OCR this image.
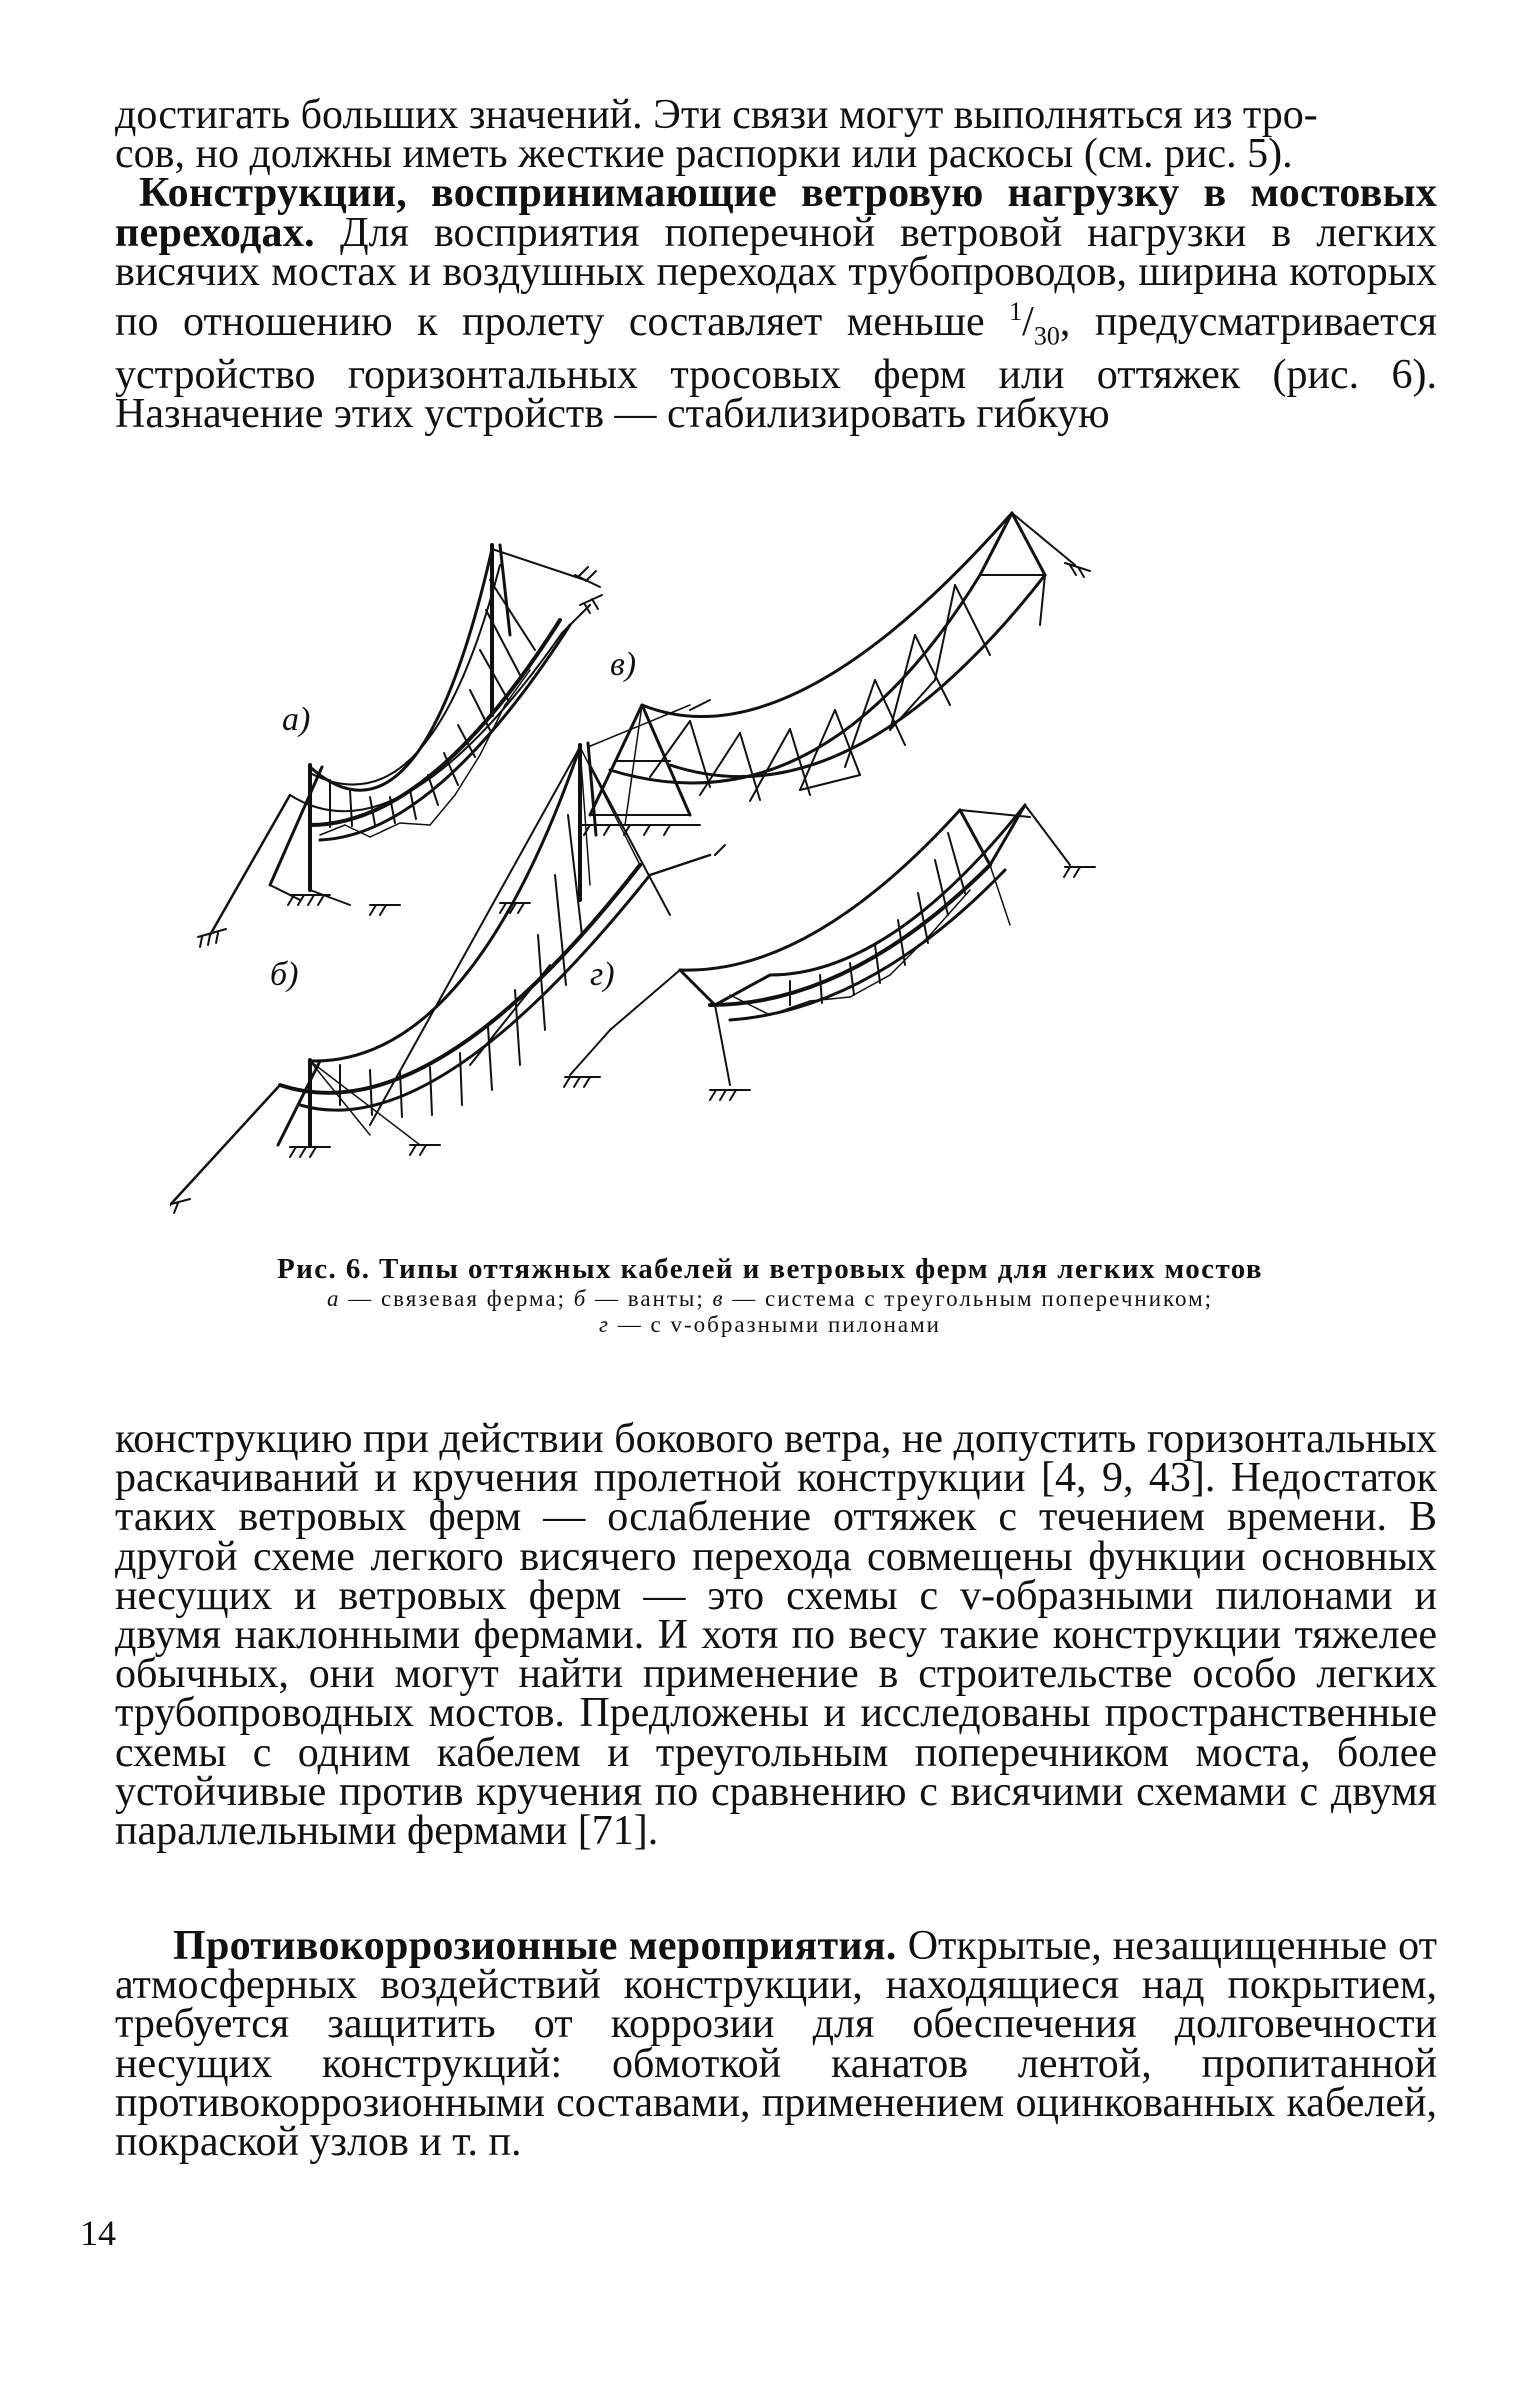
достигать больших значений. Эти связи могут выполняться из тро-
сов, но должны иметь жесткие распорки или раскосы (см. рис. 5).
Конструкции, воспринимающие ветровую нагрузку в мостовых переходах. Для восприятия поперечной ветровой нагрузки в легких висячих мостах и воздушных переходах трубопроводов, ширина которых по отношению к пролету составляет меньше $^1/_{30}$, предусматривается устройство горизонтальных тросовых ферм или оттяжек (рис. 6). Назначение этих устройств — стабилизировать гибкую
а)
б)
в)
г)
Рис. 6. Типы оттяжных кабелей и ветровых ферм для легких мостов
а — связевая ферма; б — ванты; в — система с треугольным поперечником;
г — с v-образными пилонами
конструкцию при действии бокового ветра, не допустить горизонтальных раскачиваний и кручения пролетной конструкции [4, 9, 43]. Недостаток таких ветровых ферм — ослабление оттяжек с течением времени. В другой схеме легкого висячего перехода совмещены функции основных несущих и ветровых ферм — это схемы с v-образными пилонами и двумя наклонными фермами. И хотя по весу такие конструкции тяжелее обычных, они могут найти применение в строительстве особо легких трубопроводных мостов. Предложены и исследованы пространственные схемы с одним кабелем и треугольным поперечником моста, более устойчивые против кручения по сравнению с висячими схемами с двумя параллельными фермами [71].
Противокоррозионные мероприятия. Открытые, незащищенные от атмосферных воздействий конструкции, находящиеся над покрытием, требуется защитить от коррозии для обеспечения долговечности несущих конструкций: обмоткой канатов лентой, пропитанной противокоррозионными составами, применением оцинкованных кабелей, покраской узлов и т. п.
14
